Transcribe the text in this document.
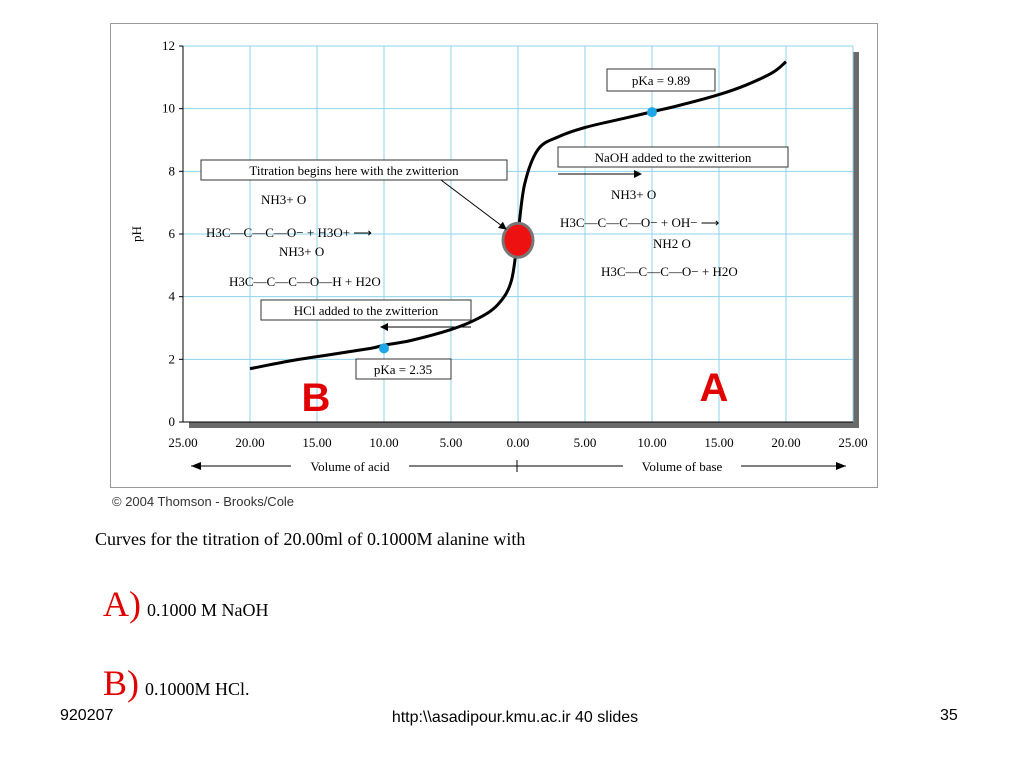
0
2
4
6
8
10
12
25.00	20.00	15.00	10.00	5.00	0.00	5.00	10.00	15.00	20.00	25.00
pH
Volume of acid	Volume of base
pKa = 9.89
pKa = 2.35
Titration begins here with the zwitterion
NaOH added to the zwitterion
HCl added to the zwitterion
NH3+ O
H3C—C—C—O− + H3O+ ⟶
NH3+ O
H3C—C—C—O—H + H2O
NH3+ O
H3C—C—C—O− + OH− ⟶
NH2 O
H3C—C—C—O− + H2O
A
B
© 2004 Thomson - Brooks/Cole
Curves for the titration of 20.00ml of 0.1000M alanine with
A) 0.1000 M NaOH
B) 0.1000M HCl.
920207	http:\\asadipour.kmu.ac.ir 40 slides	35
